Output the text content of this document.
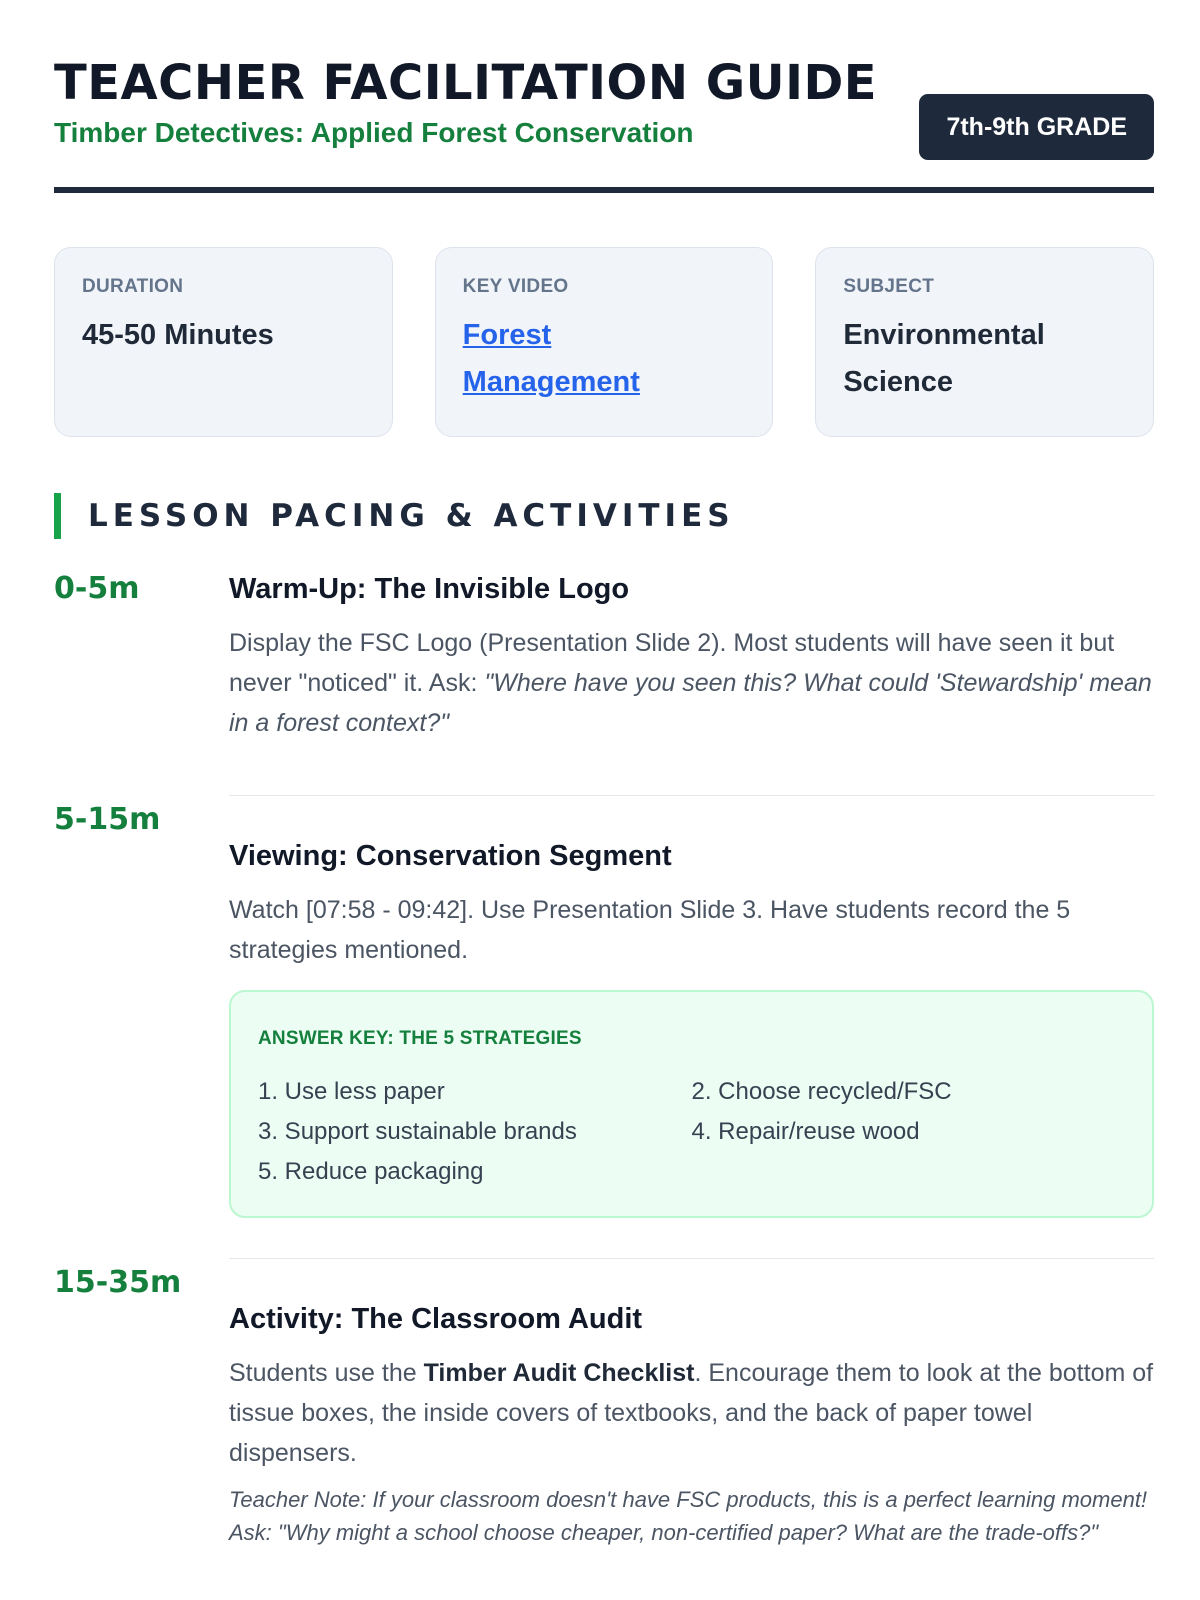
TEACHER FACILITATION GUIDE
Timber Detectives: Applied Forest Conservation	7th-9th GRADE
DURATION
45-50 Minutes
KEY VIDEO
Forest
Management
SUBJECT
Environmental
Science
LESSON PACING & ACTIVITIES
0-5m	Warm-Up: The Invisible Logo
Display the FSC Logo (Presentation Slide 2). Most students will have seen it but never "noticed" it. Ask: "Where have you seen this? What could 'Stewardship' mean in a forest context?"
5-15m
Viewing: Conservation Segment
Watch [07:58 - 09:42]. Use Presentation Slide 3. Have students record the 5 strategies mentioned.
ANSWER KEY: THE 5 STRATEGIES
1. Use less paper	2. Choose recycled/FSC
3. Support sustainable brands	4. Repair/reuse wood
5. Reduce packaging
15-35m
Activity: The Classroom Audit
Students use the Timber Audit Checklist. Encourage them to look at the bottom of tissue boxes, the inside covers of textbooks, and the back of paper towel dispensers.
Teacher Note: If your classroom doesn't have FSC products, this is a perfect learning moment! Ask: "Why might a school choose cheaper, non-certified paper? What are the trade-offs?"
